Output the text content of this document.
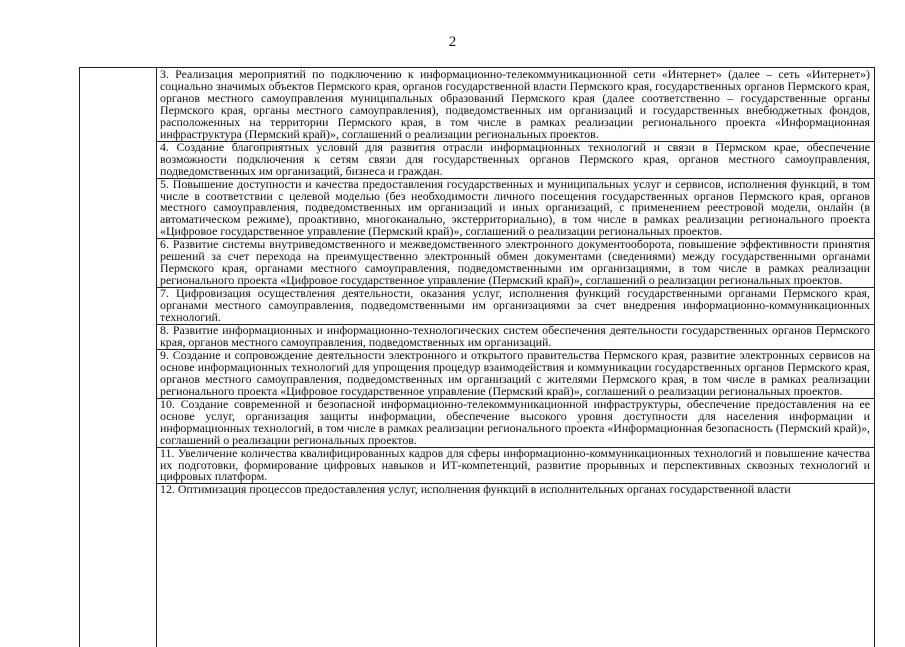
2
3. Реализация мероприятий по подключению к информационно-телекоммуникационной сети «Интернет» (далее – сеть «Интернет») социально значимых объектов Пермского края, органов государственной власти Пермского края, государственных органов Пермского края, органов местного самоуправления муниципальных образований Пермского края (далее соответственно – государственные органы Пермского края, органы местного самоуправления), подведомственных им организаций и государственных внебюджетных фондов, расположенных на территории Пермского края, в том числе в рамках реализации регионального проекта «Информационная инфраструктура (Пермский край)», соглашений о реализации региональных проектов.
4. Создание благоприятных условий для развития отрасли информационных технологий и связи в Пермском крае, обеспечение возможности подключения к сетям связи для государственных органов Пермского края, органов местного самоуправления, подведомственных им организаций, бизнеса и граждан.
5. Повышение доступности и качества предоставления государственных и муниципальных услуг и сервисов, исполнения функций, в том числе в соответствии с целевой моделью (без необходимости личного посещения государственных органов Пермского края, органов местного самоуправления, подведомственных им организаций и иных организаций, с применением реестровой модели, онлайн (в автоматическом режиме), проактивно, многоканально, экстерриториально), в том числе в рамках реализации регионального проекта «Цифровое государственное управление (Пермский край)», соглашений о реализации региональных проектов.
6. Развитие системы внутриведомственного и межведомственного электронного документооборота, повышение эффективности принятия решений за счет перехода на преимущественно электронный обмен документами (сведениями) между государственными органами Пермского края, органами местного самоуправления, подведомственными им организациями, в том числе в рамках реализации регионального проекта «Цифровое государственное управление (Пермский край)», соглашений о реализации региональных проектов.
7. Цифровизация осуществления деятельности, оказания услуг, исполнения функций государственными органами Пермского края, органами местного самоуправления, подведомственными им организациями за счет внедрения информационно-коммуникационных технологий.
8. Развитие информационных и информационно-технологических систем обеспечения деятельности государственных органов Пермского края, органов местного самоуправления, подведомственных им организаций.
9. Создание и сопровождение деятельности электронного и открытого правительства Пермского края, развитие электронных сервисов на основе информационных технологий для упрощения процедур взаимодействия и коммуникации государственных органов Пермского края, органов местного самоуправления, подведомственных им организаций с жителями Пермского края, в том числе в рамках реализации регионального проекта «Цифровое государственное управление (Пермский край)», соглашений о реализации региональных проектов.
10. Создание современной и безопасной информационно-телекоммуникационной инфраструктуры, обеспечение предоставления на ее основе услуг, организация защиты информации, обеспечение высокого уровня доступности для населения информации и информационных технологий, в том числе в рамках реализации регионального проекта «Информационная безопасность (Пермский край)», соглашений о реализации региональных проектов.
11. Увеличение количества квалифицированных кадров для сферы информационно-коммуникационных технологий и повышение качества их подготовки, формирование цифровых навыков и ИТ-компетенций, развитие прорывных и перспективных сквозных технологий и цифровых платформ.
12. Оптимизация процессов предоставления услуг, исполнения функций в исполнительных органах государственной власти
